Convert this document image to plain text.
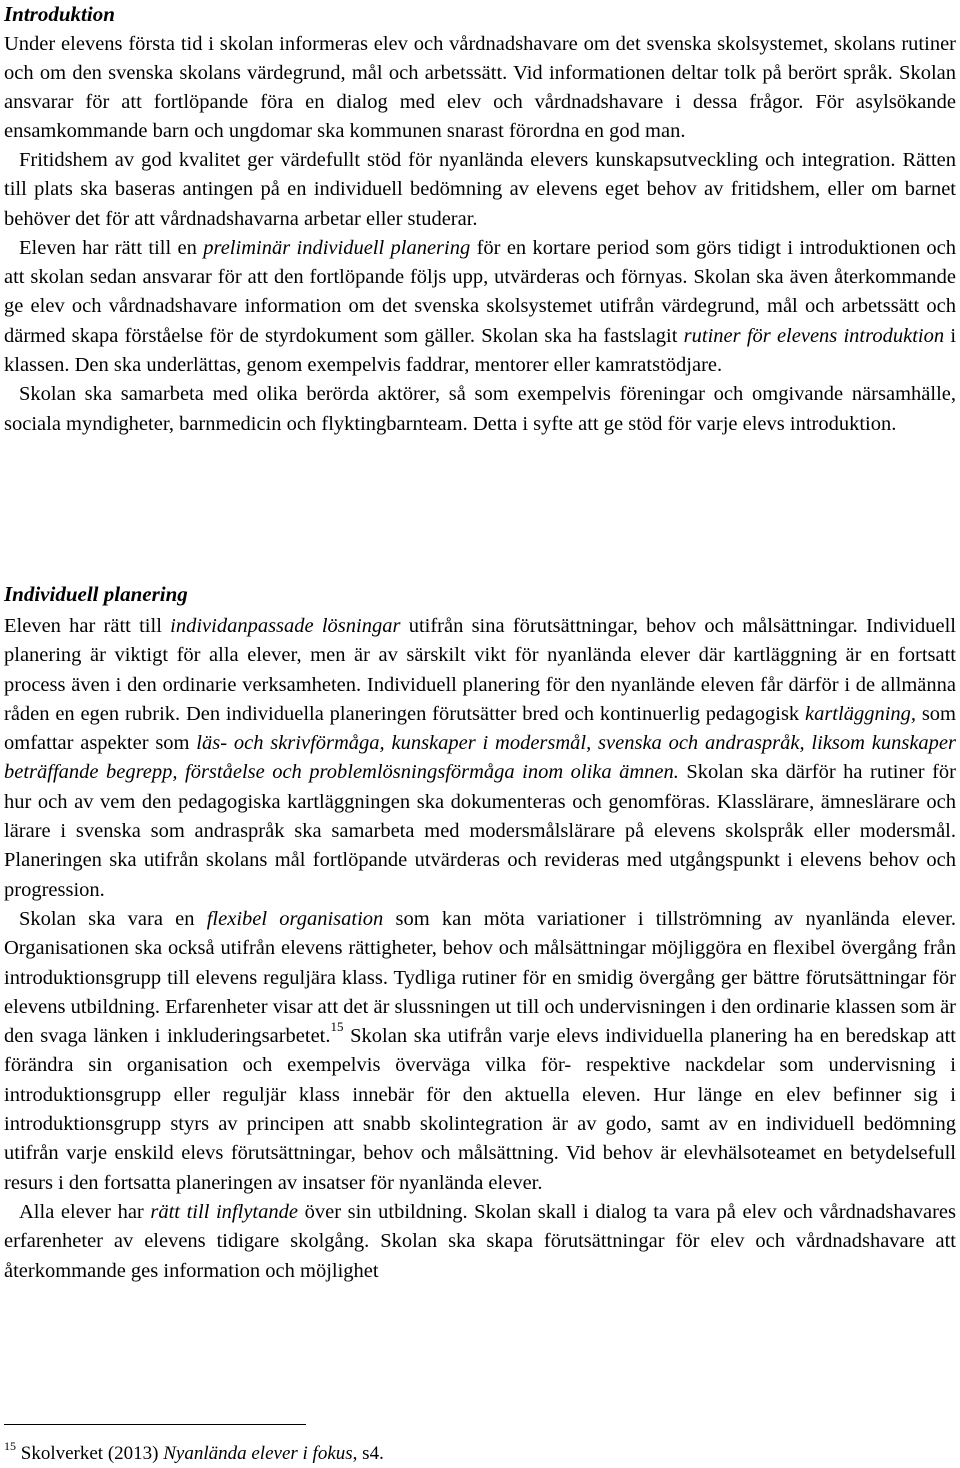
Introduktion

Under elevens första tid i skolan informeras elev och vårdnadshavare om det svenska skolsystemet, skolans rutiner och om den svenska skolans värdegrund, mål och arbetssätt. Vid informationen deltar tolk på berört språk. Skolan ansvarar för att fortlöpande föra en dialog med elev och vårdnadshavare i dessa frågor. För asylsökande ensamkommande barn och ungdomar ska kommunen snarast förordna en god man.

Fritidshem av god kvalitet ger värdefullt stöd för nyanlända elevers kunskapsutveckling och integration. Rätten till plats ska baseras antingen på en individuell bedömning av elevens eget behov av fritidshem, eller om barnet behöver det för att vårdnadshavarna arbetar eller studerar.

Eleven har rätt till en preliminär individuell planering för en kortare period som görs tidigt i introduktionen och att skolan sedan ansvarar för att den fortlöpande följs upp, utvärderas och förnyas. Skolan ska även återkommande ge elev och vårdnadshavare information om det svenska skolsystemet utifrån värdegrund, mål och arbetssätt och därmed skapa förståelse för de styrdokument som gäller. Skolan ska ha fastslagit rutiner för elevens introduktion i klassen. Den ska underlättas, genom exempelvis faddrar, mentorer eller kamratstödjare.

Skolan ska samarbeta med olika berörda aktörer, så som exempelvis föreningar och omgivande närsamhälle, sociala myndigheter, barnmedicin och flyktingbarnteam. Detta i syfte att ge stöd för varje elevs introduktion.

Individuell planering

Eleven har rätt till individanpassade lösningar utifrån sina förutsättningar, behov och målsättningar. Individuell planering är viktigt för alla elever, men är av särskilt vikt för nyanlända elever där kartläggning är en fortsatt process även i den ordinarie verksamheten. Individuell planering för den nyanlände eleven får därför i de allmänna råden en egen rubrik. Den individuella planeringen förutsätter bred och kontinuerlig pedagogisk kartläggning, som omfattar aspekter som läs- och skrivförmåga, kunskaper i modersmål, svenska och andraspråk, liksom kunskaper beträffande begrepp, förståelse och problemlösningsförmåga inom olika ämnen. Skolan ska därför ha rutiner för hur och av vem den pedagogiska kartläggningen ska dokumenteras och genomföras. Klasslärare, ämneslärare och lärare i svenska som andraspråk ska samarbeta med modersmålslärare på elevens skolspråk eller modersmål. Planeringen ska utifrån skolans mål fortlöpande utvärderas och revideras med utgångspunkt i elevens behov och progression.

Skolan ska vara en flexibel organisation som kan möta variationer i tillströmning av nyanlända elever. Organisationen ska också utifrån elevens rättigheter, behov och målsättningar möjliggöra en flexibel övergång från introduktionsgrupp till elevens reguljära klass. Tydliga rutiner för en smidig övergång ger bättre förutsättningar för elevens utbildning. Erfarenheter visar att det är slussningen ut till och undervisningen i den ordinarie klassen som är den svaga länken i inkluderingsarbetet.$^{15}$ Skolan ska utifrån varje elevs individuella planering ha en beredskap att förändra sin organisation och exempelvis överväga vilka för- respektive nackdelar som undervisning i introduktionsgrupp eller reguljär klass innebär för den aktuella eleven. Hur länge en elev befinner sig i introduktionsgrupp styrs av principen att snabb skolintegration är av godo, samt av en individuell bedömning utifrån varje enskild elevs förutsättningar, behov och målsättning. Vid behov är elevhälsoteamet en betydelsefull resurs i den fortsatta planeringen av insatser för nyanlända elever.

Alla elever har rätt till inflytande över sin utbildning. Skolan skall i dialog ta vara på elev och vårdnadshavares erfarenheter av elevens tidigare skolgång. Skolan ska skapa förutsättningar för elev och vårdnadshavare att återkommande ges information och möjlighet

$^{15}$ Skolverket (2013) Nyanlända elever i fokus, s4.
